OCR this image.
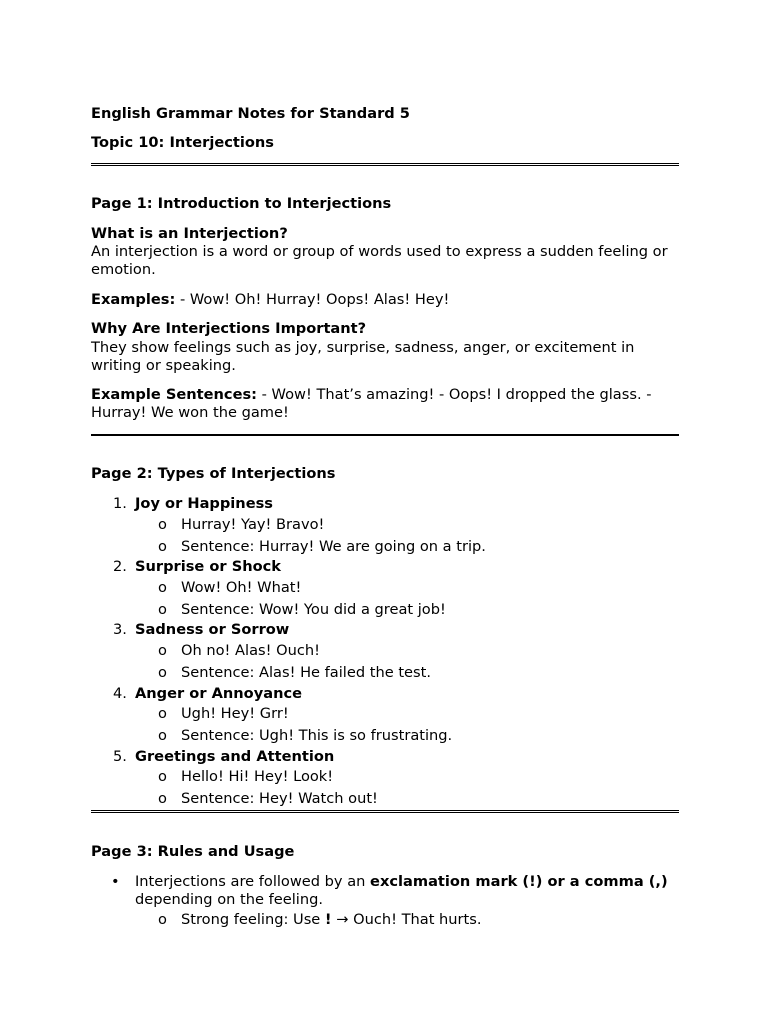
English Grammar Notes for Standard 5
Topic 10: Interjections
Page 1: Introduction to Interjections
What is an Interjection?
An interjection is a word or group of words used to express a sudden feeling or emotion.
Examples: - Wow! Oh! Hurray! Oops! Alas! Hey!
Why Are Interjections Important?
They show feelings such as joy, surprise, sadness, anger, or excitement in writing or speaking.
Example Sentences: - Wow! That’s amazing! - Oops! I dropped the glass. - Hurray! We won the game!
Page 2: Types of Interjections
1. Joy or Happiness
o Hurray! Yay! Bravo!
o Sentence: Hurray! We are going on a trip.
2. Surprise or Shock
o Wow! Oh! What!
o Sentence: Wow! You did a great job!
3. Sadness or Sorrow
o Oh no! Alas! Ouch!
o Sentence: Alas! He failed the test.
4. Anger or Annoyance
o Ugh! Hey! Grr!
o Sentence: Ugh! This is so frustrating.
5. Greetings and Attention
o Hello! Hi! Hey! Look!
o Sentence: Hey! Watch out!
Page 3: Rules and Usage
• Interjections are followed by an exclamation mark (!) or a comma (,) depending on the feeling.
o Strong feeling: Use ! → Ouch! That hurts.
